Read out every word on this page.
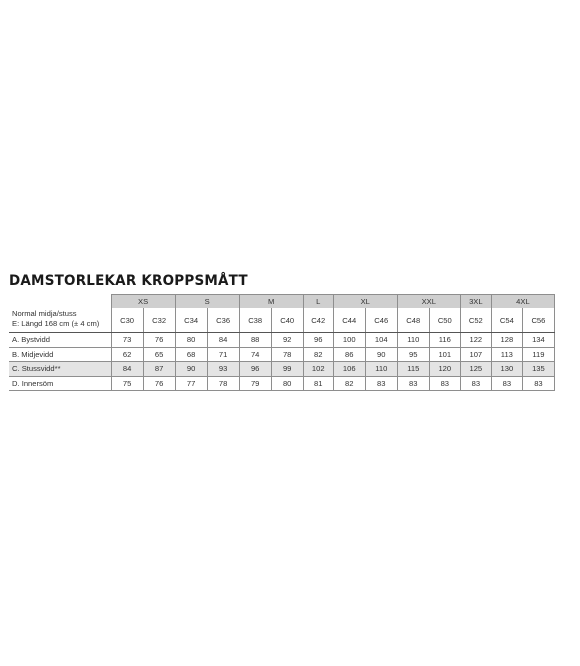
DAMSTORLEKAR KROPPSMÅTT
Normal midja/stuss
E: Längd 168 cm (± 4 cm)	XS		S		M		L	XL		XXL		3XL	4XL	
	C30	C32	C34	C36	C38	C40	C42	C44	C46	C48	C50	C52	C54	C56
A. Bystvidd	73	76	80	84	88	92	96	100	104	110	116	122	128	134
B. Midjevidd	62	65	68	71	74	78	82	86	90	95	101	107	113	119
C. Stussvidd**	84	87	90	93	96	99	102	106	110	115	120	125	130	135
D. Innersöm	75	76	77	78	79	80	81	82	83	83	83	83	83	83
